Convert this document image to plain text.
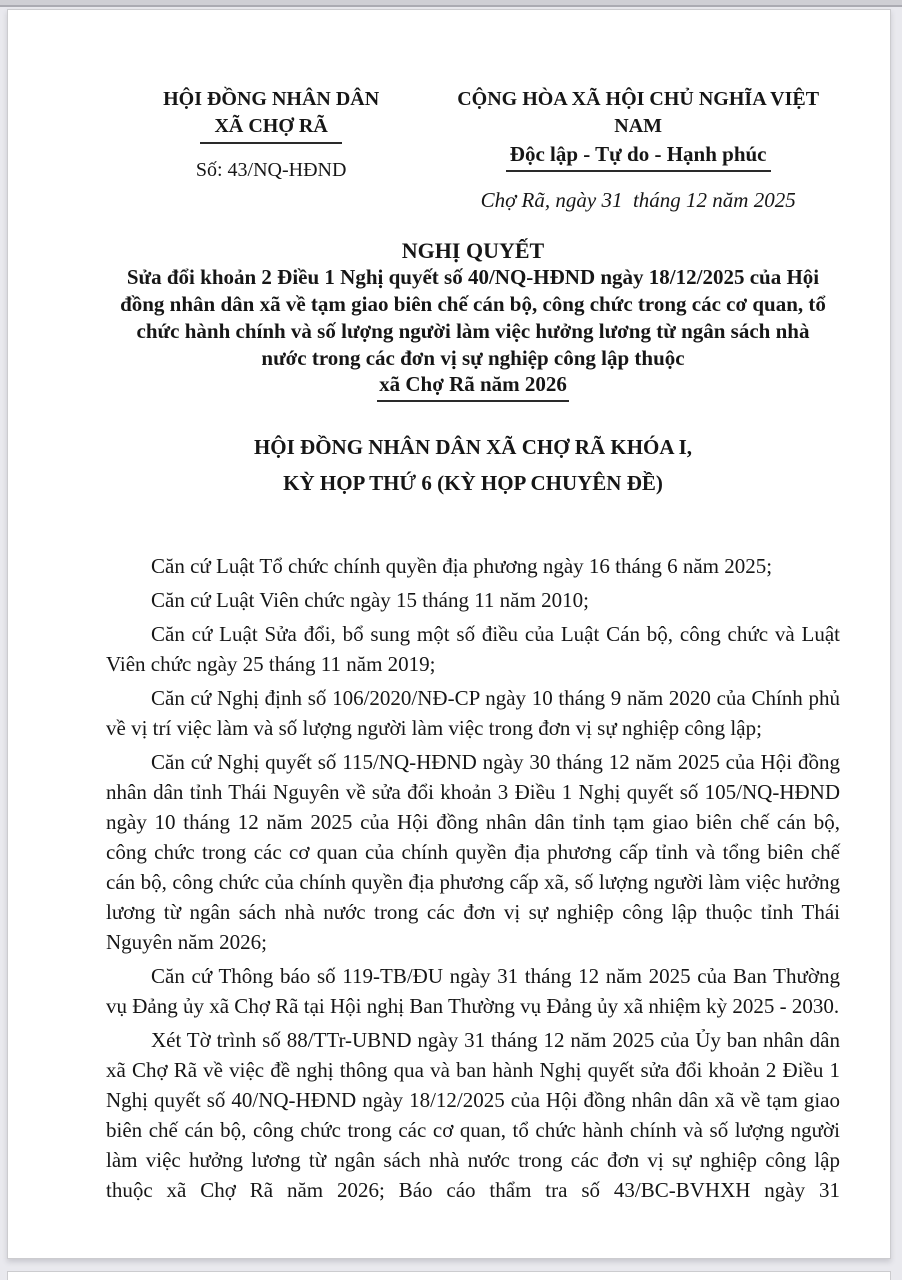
HỘI ĐỒNG NHÂN DÂN
XÃ CHỢ RÃ
Số: 43/NQ-HĐND
CỘNG HÒA XÃ HỘI CHỦ NGHĨA VIỆT NAM
Độc lập - Tự do - Hạnh phúc
Chợ Rã, ngày 31  tháng 12 năm 2025
NGHỊ QUYẾT
Sửa đổi khoản 2 Điều 1 Nghị quyết số 40/NQ-HĐND ngày 18/12/2025 của Hội đồng nhân dân xã về tạm giao biên chế cán bộ, công chức trong các cơ quan, tổ chức hành chính và số lượng người làm việc hưởng lương từ ngân sách nhà nước trong các đơn vị sự nghiệp công lập thuộc
xã Chợ Rã năm 2026
HỘI ĐỒNG NHÂN DÂN XÃ CHỢ RÃ KHÓA I,
KỲ HỌP THỨ 6 (KỲ HỌP CHUYÊN ĐỀ)

Căn cứ Luật Tổ chức chính quyền địa phương ngày 16 tháng 6 năm 2025;

Căn cứ Luật Viên chức ngày 15 tháng 11 năm 2010;

Căn cứ Luật Sửa đổi, bổ sung một số điều của Luật Cán bộ, công chức và Luật Viên chức ngày 25 tháng 11 năm 2019;

Căn cứ Nghị định số 106/2020/NĐ-CP ngày 10 tháng 9 năm 2020 của Chính phủ về vị trí việc làm và số lượng người làm việc trong đơn vị sự nghiệp công lập;

Căn cứ Nghị quyết số 115/NQ-HĐND ngày 30 tháng 12 năm 2025 của Hội đồng nhân dân tỉnh Thái Nguyên về sửa đổi khoản 3 Điều 1 Nghị quyết số 105/NQ-HĐND ngày 10 tháng 12 năm 2025 của Hội đồng nhân dân tỉnh tạm giao biên chế cán bộ, công chức trong các cơ quan của chính quyền địa phương cấp tỉnh và tổng biên chế cán bộ, công chức của chính quyền địa phương cấp xã, số lượng người làm việc hưởng lương từ ngân sách nhà nước trong các đơn vị sự nghiệp công lập thuộc tỉnh Thái Nguyên năm 2026;

Căn cứ Thông báo số 119-TB/ĐU ngày 31 tháng 12 năm 2025 của Ban Thường vụ Đảng ủy xã Chợ Rã tại Hội nghị Ban Thường vụ Đảng ủy xã nhiệm kỳ 2025 - 2030.

Xét Tờ trình số 88/TTr-UBND ngày 31 tháng 12 năm 2025 của Ủy ban nhân dân xã Chợ Rã về việc đề nghị thông qua và ban hành Nghị quyết sửa đổi khoản 2 Điều 1 Nghị quyết số 40/NQ-HĐND ngày 18/12/2025 của Hội đồng nhân dân xã về tạm giao biên chế cán bộ, công chức trong các cơ quan, tổ chức hành chính và số lượng người làm việc hưởng lương từ ngân sách nhà nước trong các đơn vị sự nghiệp công lập thuộc xã Chợ Rã năm 2026; Báo cáo thẩm tra số 43/BC-BVHXH ngày 31
